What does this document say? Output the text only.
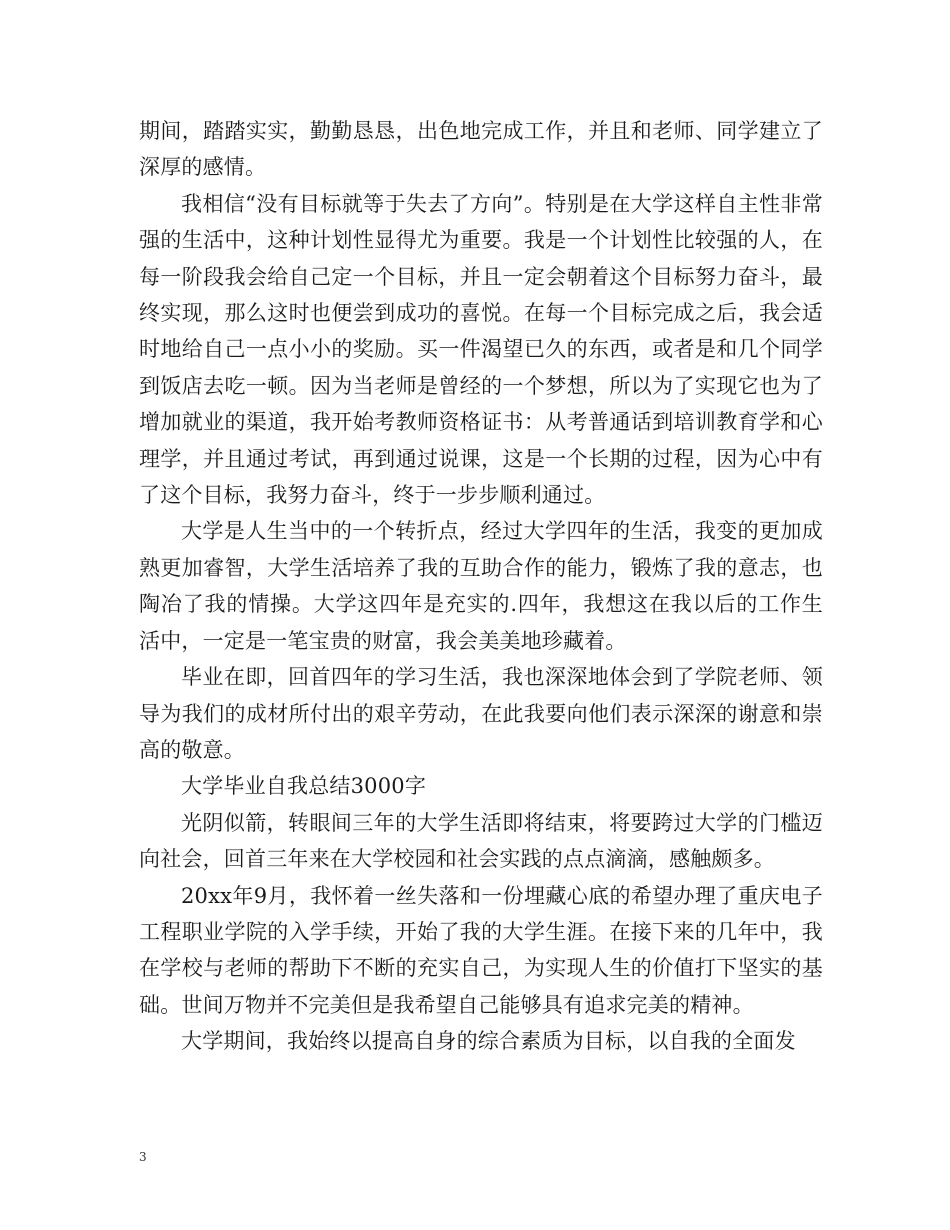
期间，踏踏实实，勤勤恳恳，出色地完成工作，并且和老师、同学建立了深厚的感情。

我相信“没有目标就等于失去了方向”。特别是在大学这样自主性非常强的生活中，这种计划性显得尤为重要。我是一个计划性比较强的人，在每一阶段我会给自己定一个目标，并且一定会朝着这个目标努力奋斗，最终实现，那么这时也便尝到成功的喜悦。在每一个目标完成之后，我会适时地给自己一点小小的奖励。买一件渴望已久的东西，或者是和几个同学到饭店去吃一顿。因为当老师是曾经的一个梦想，所以为了实现它也为了增加就业的渠道，我开始考教师资格证书：从考普通话到培训教育学和心理学，并且通过考试，再到通过说课，这是一个长期的过程，因为心中有了这个目标，我努力奋斗，终于一步步顺利通过。

大学是人生当中的一个转折点，经过大学四年的生活，我变的更加成熟更加睿智，大学生活培养了我的互助合作的能力，锻炼了我的意志，也陶冶了我的情操。大学这四年是充实的.四年，我想这在我以后的工作生活中，一定是一笔宝贵的财富，我会美美地珍藏着。

毕业在即，回首四年的学习生活，我也深深地体会到了学院老师、领导为我们的成材所付出的艰辛劳动，在此我要向他们表示深深的谢意和崇高的敬意。

大学毕业自我总结3000字

光阴似箭，转眼间三年的大学生活即将结束，将要跨过大学的门槛迈向社会，回首三年来在大学校园和社会实践的点点滴滴，感触颇多。

20xx年9月，我怀着一丝失落和一份埋藏心底的希望办理了重庆电子工程职业学院的入学手续，开始了我的大学生涯。在接下来的几年中，我在学校与老师的帮助下不断的充实自己，为实现人生的价值打下坚实的基础。世间万物并不完美但是我希望自己能够具有追求完美的精神。

大学期间，我始终以提高自身的综合素质为目标，以自我的全面发

3
